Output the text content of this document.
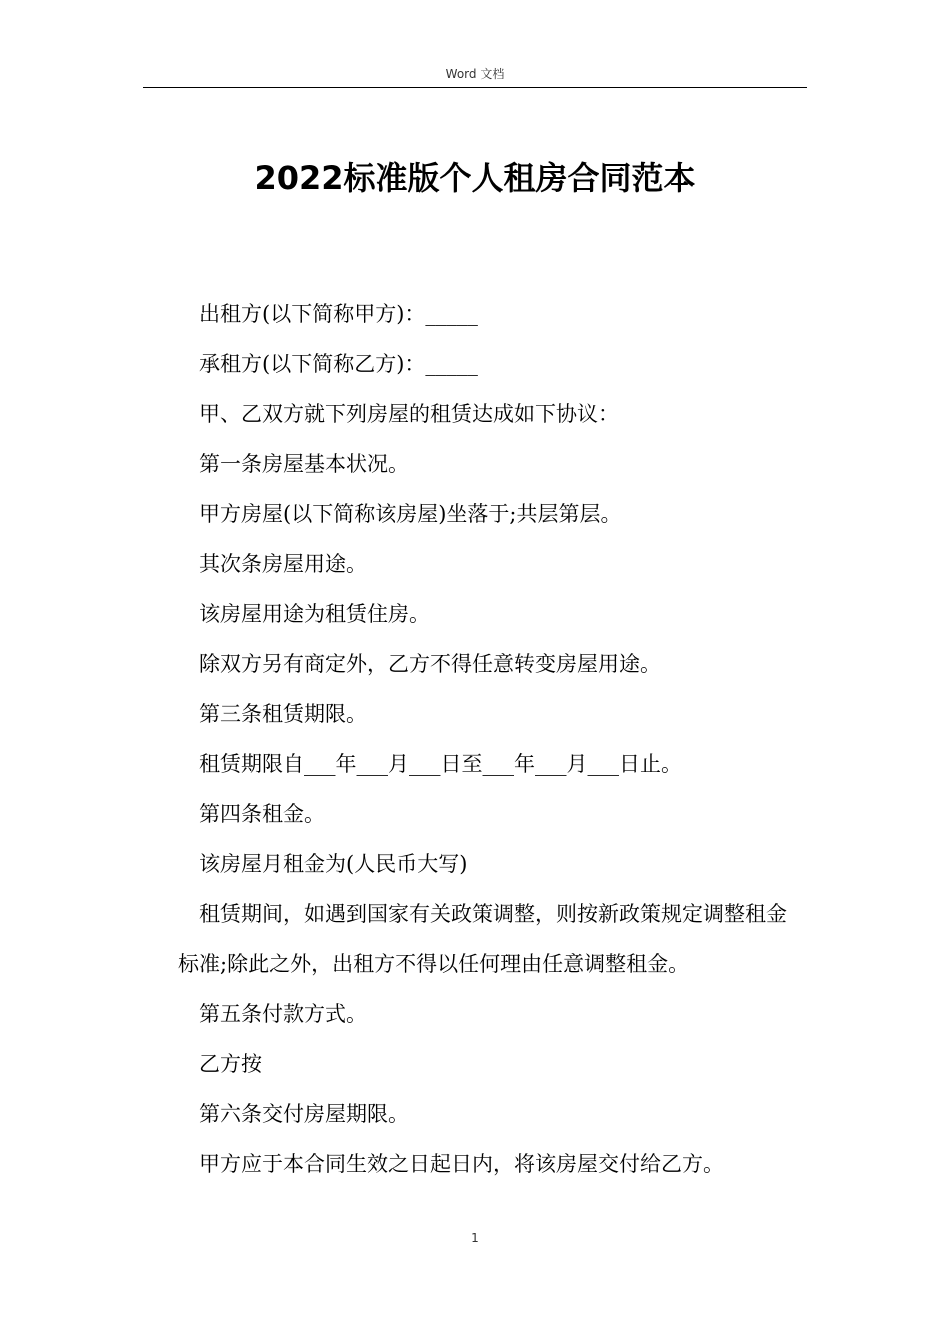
Word 文档
2022标准版个人租房合同范本

出租方(以下简称甲方)：_____

承租方(以下简称乙方)：_____

甲、乙双方就下列房屋的租赁达成如下协议：

第一条房屋基本状况。

甲方房屋(以下简称该房屋)坐落于;共层第层。

其次条房屋用途。

该房屋用途为租赁住房。

除双方另有商定外，乙方不得任意转变房屋用途。

第三条租赁期限。

租赁期限自___年___月___日至___年___月___日止。

第四条租金。

该房屋月租金为(人民币大写)

租赁期间，如遇到国家有关政策调整，则按新政策规定调整租金标准;除此之外，出租方不得以任何理由任意调整租金。

第五条付款方式。

乙方按

第六条交付房屋期限。

甲方应于本合同生效之日起日内，将该房屋交付给乙方。

1
